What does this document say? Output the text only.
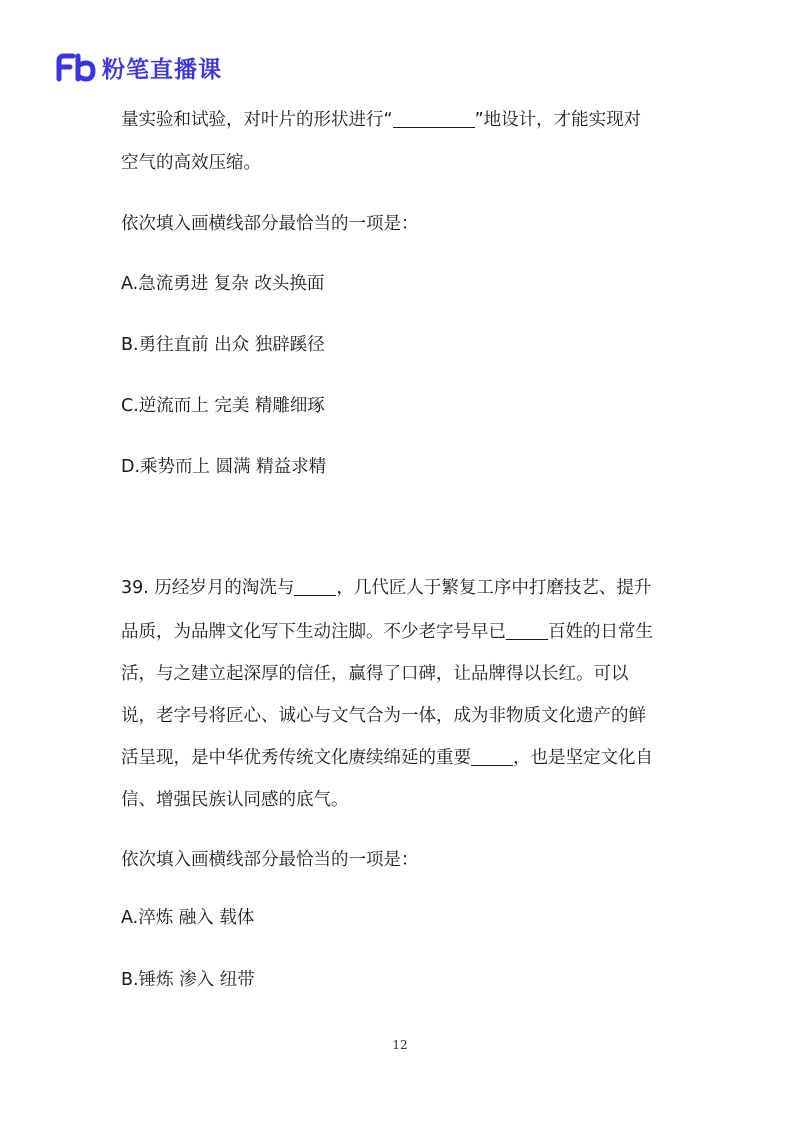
粉笔直播课
量实验和试验，对叶片的形状进行“	”地设计，才能实现对
空气的高效压缩。
依次填入画横线部分最恰当的一项是：
A.急流勇进 复杂 改头换面
B.勇往直前 出众 独辟蹊径
C.逆流而上 完美 精雕细琢
D.乘势而上 圆满 精益求精
39. 历经岁月的淘洗与 ，几代匠人于繁复工序中打磨技艺、提升
品质，为品牌文化写下生动注脚。不少老字号早已 百姓的日常生
活，与之建立起深厚的信任，赢得了口碑，让品牌得以长红。可以
说，老字号将匠心、诚心与文气合为一体，成为非物质文化遗产的鲜
活呈现，是中华优秀传统文化赓续绵延的重要 ，也是坚定文化自
信、增强民族认同感的底气。
依次填入画横线部分最恰当的一项是：
A.淬炼 融入 载体
B.锤炼 渗入 纽带
12
